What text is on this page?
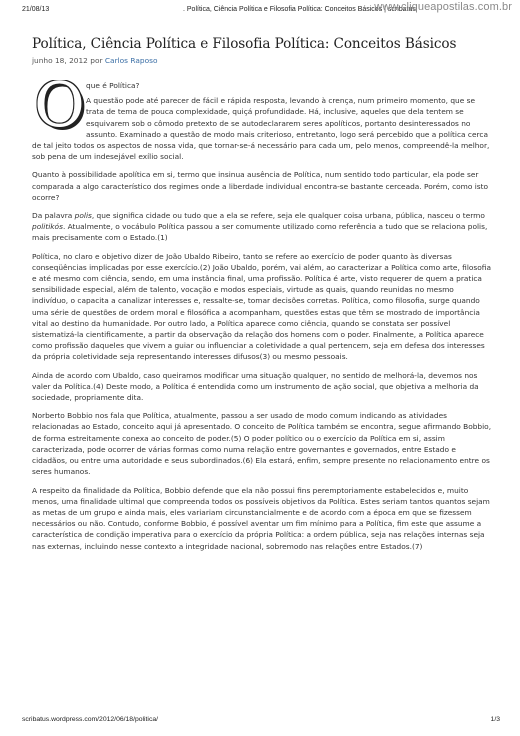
21/08/13	. Política, Ciência Política e Filosofia Política: Conceitos Básicos | scribatus
www.cliqueapostilas.com.br
Política, Ciência Política e Filosofia Política: Conceitos Básicos
junho 18, 2012 por Carlos Raposo
O que é Política?

A questão pode até parecer de fácil e rápida resposta, levando à crença, num primeiro momento, que se trata de tema de pouca complexidade, quiçá profundidade. Há, inclusive, aqueles que dela tentem se esquivarem sob o cômodo pretexto de se autodeclararem seres apolíticos, portanto desinteressados no assunto. Examinado a questão de modo mais criterioso, entretanto, logo será percebido que a política cerca de tal jeito todos os aspectos de nossa vida, que tornar-se-á necessário para cada um, pelo menos, compreendê-la melhor, sob pena de um indesejável exílio social.

Quanto à possibilidade apolítica em si, termo que insinua ausência de Política, num sentido todo particular, ela pode ser comparada a algo característico dos regimes onde a liberdade individual encontra-se bastante cerceada. Porém, como isto ocorre?

Da palavra polis, que significa cidade ou tudo que a ela se refere, seja ele qualquer coisa urbana, pública, nasceu o termo politikós. Atualmente, o vocábulo Política passou a ser comumente utilizado como referência a tudo que se relaciona polis, mais precisamente com o Estado.(1)

Política, no claro e objetivo dizer de João Ubaldo Ribeiro, tanto se refere ao exercício de poder quanto às diversas conseqüências implicadas por esse exercício.(2) João Ubaldo, porém, vai além, ao caracterizar a Política como arte, filosofia e até mesmo com ciência, sendo, em uma instância final, uma profissão. Política é arte, visto requerer de quem a pratica sensibilidade especial, além de talento, vocação e modos especiais, virtude as quais, quando reunidas no mesmo indivíduo, o capacita a canalizar interesses e, ressalte-se, tomar decisões corretas. Política, como filosofia, surge quando uma série de questões de ordem moral e filosófica a acompanham, questões estas que têm se mostrado de importância vital ao destino da humanidade. Por outro lado, a Política aparece como ciência, quando se constata ser possível sistematizá-la cientificamente, a partir da observação da relação dos homens com o poder. Finalmente, a Política aparece como profissão daqueles que vivem a guiar ou influenciar a coletividade a qual pertencem, seja em defesa dos interesses da própria coletividade seja representando interesses difusos(3) ou mesmo pessoais.

Ainda de acordo com Ubaldo, caso queiramos modificar uma situação qualquer, no sentido de melhorá-la, devemos nos valer da Política.(4) Deste modo, a Política é entendida como um instrumento de ação social, que objetiva a melhoria da sociedade, propriamente dita.

Norberto Bobbio nos fala que Política, atualmente, passou a ser usado de modo comum indicando as atividades relacionadas ao Estado, conceito aqui já apresentado. O conceito de Política também se encontra, segue afirmando Bobbio, de forma estreitamente conexa ao conceito de poder.(5) O poder político ou o exercício da Política em si, assim caracterizada, pode ocorrer de várias formas como numa relação entre governantes e governados, entre Estado e cidadãos, ou entre uma autoridade e seus subordinados.(6) Ela estará, enfim, sempre presente no relacionamento entre os seres humanos.

A respeito da finalidade da Política, Bobbio defende que ela não possui fins peremptoriamente estabelecidos e, muito menos, uma finalidade ultimal que compreenda todos os possíveis objetivos da Política. Estes seriam tantos quantos sejam as metas de um grupo e ainda mais, eles variariam circunstancialmente e de acordo com a época em que se fizessem necessários ou não. Contudo, conforme Bobbio, é possível aventar um fim mínimo para a Política, fim este que assume a característica de condição imperativa para o exercício da própria Política: a ordem pública, seja nas relações internas seja nas externas, incluindo nesse contexto a integridade nacional, sobremodo nas relações entre Estados.(7)

scribatus.wordpress.com/2012/06/18/politica/	1/3
